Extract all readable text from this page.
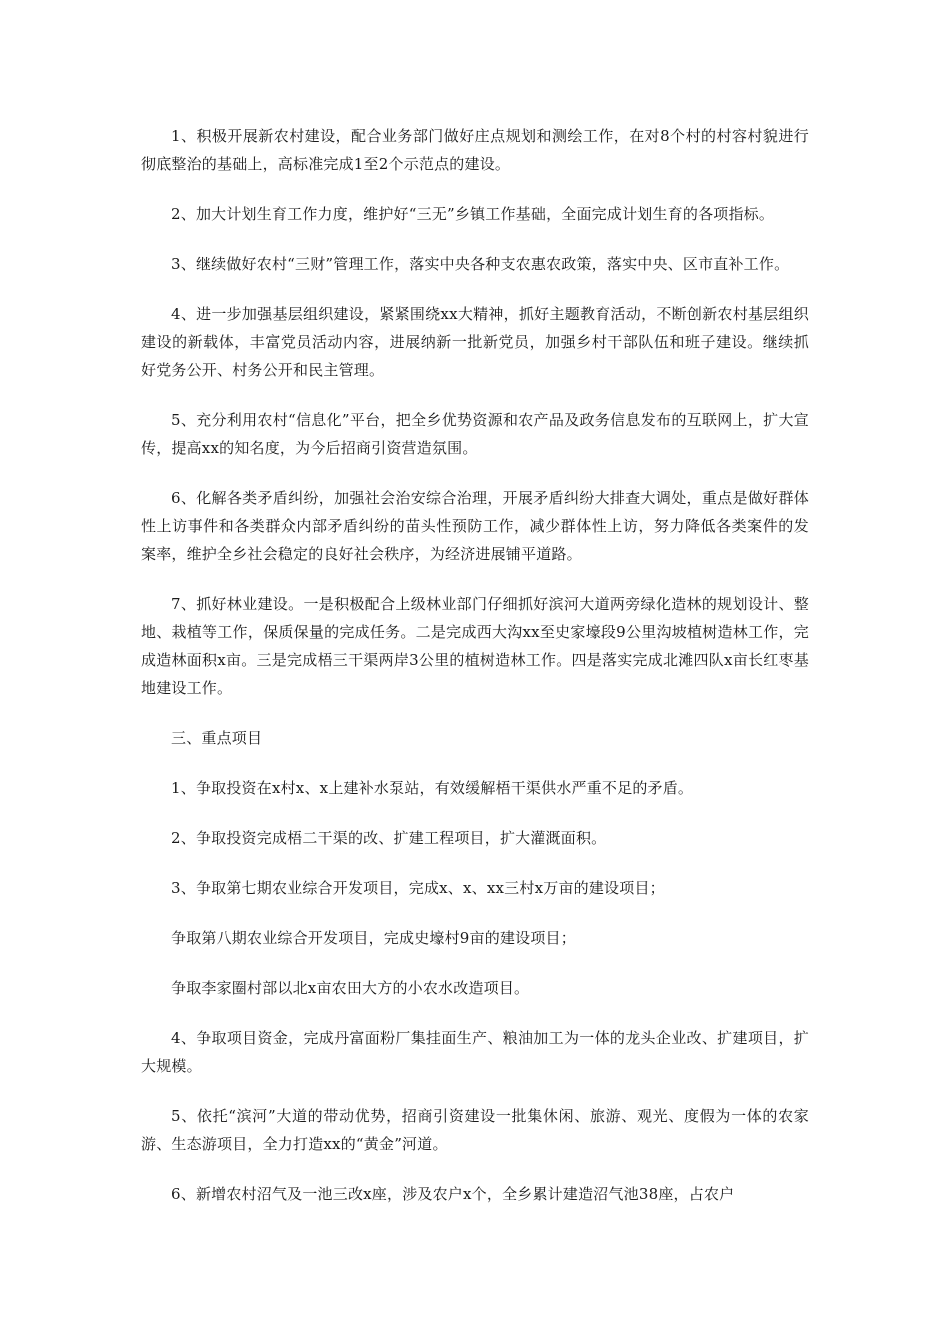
1、积极开展新农村建设，配合业务部门做好庄点规划和测绘工作，在对8个村的村容村貌进行彻底整治的基础上，高标准完成1至2个示范点的建设。

2、加大计划生育工作力度，维护好“三无”乡镇工作基础，全面完成计划生育的各项指标。

3、继续做好农村“三财”管理工作，落实中央各种支农惠农政策，落实中央、区市直补工作。

4、进一步加强基层组织建设，紧紧围绕xx大精神，抓好主题教育活动，不断创新农村基层组织建设的新载体，丰富党员活动内容，进展纳新一批新党员，加强乡村干部队伍和班子建设。继续抓好党务公开、村务公开和民主管理。

5、充分利用农村“信息化”平台，把全乡优势资源和农产品及政务信息发布的互联网上，扩大宣传，提高xx的知名度，为今后招商引资营造氛围。

6、化解各类矛盾纠纷，加强社会治安综合治理，开展矛盾纠纷大排查大调处，重点是做好群体性上访事件和各类群众内部矛盾纠纷的苗头性预防工作，减少群体性上访，努力降低各类案件的发案率，维护全乡社会稳定的良好社会秩序，为经济进展铺平道路。

7、抓好林业建设。一是积极配合上级林业部门仔细抓好滨河大道两旁绿化造林的规划设计、整地、栽植等工作，保质保量的完成任务。二是完成西大沟xx至史家壕段9公里沟坡植树造林工作，完成造林面积x亩。三是完成梧三干渠两岸3公里的植树造林工作。四是落实完成北滩四队x亩长红枣基地建设工作。

三、重点项目

1、争取投资在x村x、x上建补水泵站，有效缓解梧干渠供水严重不足的矛盾。

2、争取投资完成梧二干渠的改、扩建工程项目，扩大灌溉面积。

3、争取第七期农业综合开发项目，完成x、x、xx三村x万亩的建设项目；

争取第八期农业综合开发项目，完成史壕村9亩的建设项目；

争取李家圈村部以北x亩农田大方的小农水改造项目。

4、争取项目资金，完成丹富面粉厂集挂面生产、粮油加工为一体的龙头企业改、扩建项目，扩大规模。

5、依托“滨河”大道的带动优势，招商引资建设一批集休闲、旅游、观光、度假为一体的农家游、生态游项目，全力打造xx的“黄金”河道。

6、新增农村沼气及一池三改x座，涉及农户x个，全乡累计建造沼气池38座，占农户
